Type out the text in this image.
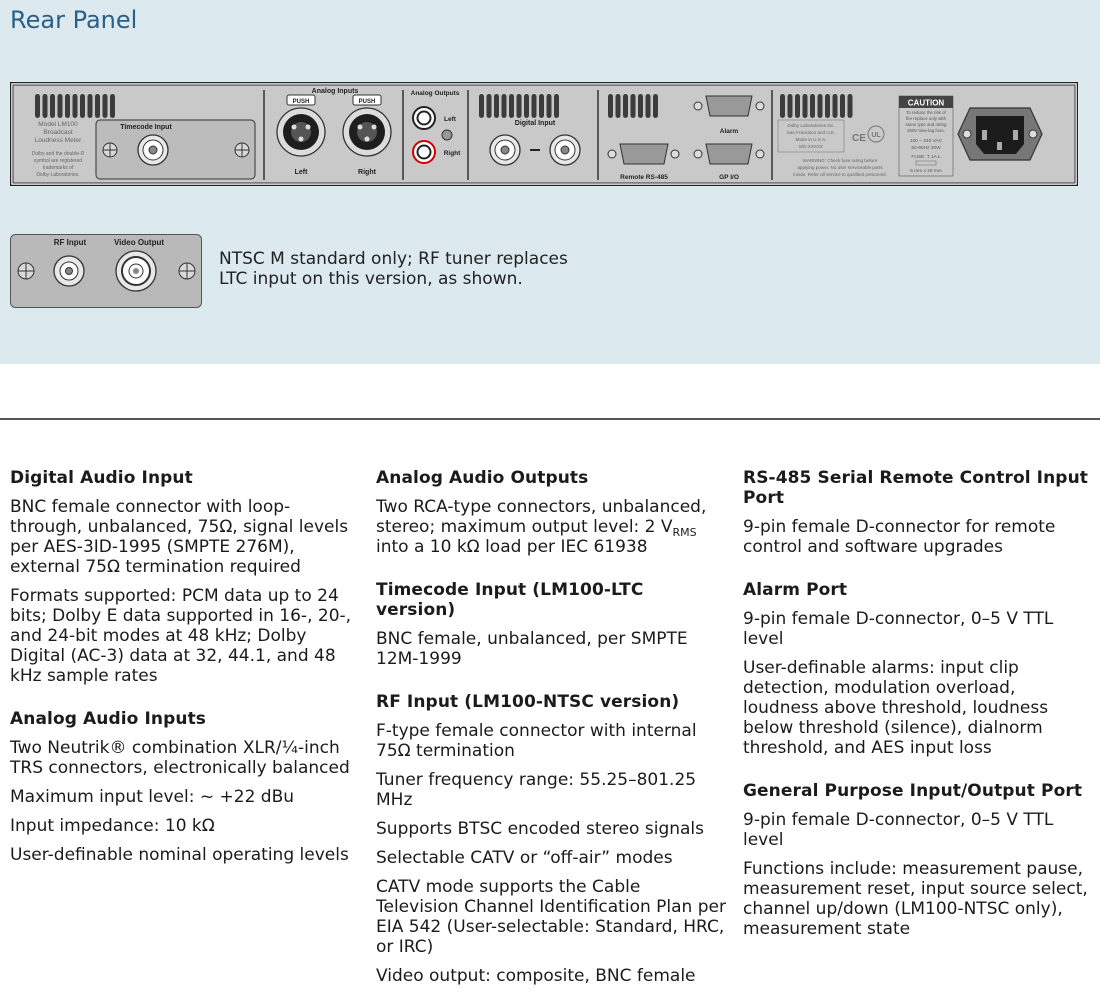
Rear Panel
Model LM100
Broadcast
Loudness Meter
Dolby and the double-D
symbol are registered
trademarks of
Dolby Laboratories.
Timecode Input
Analog Inputs
PUSH	PUSH
Left	Right
Analog Outputs
Left
Right
Digital Input
Remote RS-485
Alarm
GP I/O
Dolby Laboratories Inc.
San Francisco and U.K.
Made in U.S.A.
S/N XXXXX
CE UL
WARNING: Check fuse rating before
applying power. No user serviceable parts
inside. Refer all service to qualified personnel.
CAUTION
To reduce the risk of
fire replace only with
same type and rating
250V time-lag fuse.
100 – 240 VAC
50-60Hz 30W
FUSE: T 1A L
5 mm x 20 mm
RF Input	Video Output
NTSC M standard only; RF tuner replaces
LTC input on this version, as shown.
Digital Audio Input
BNC female connector with loop-through, unbalanced, 75Ω, signal levels per AES-3ID-1995 (SMPTE 276M), external 75Ω termination required
Formats supported: PCM data up to 24 bits; Dolby E data supported in 16-, 20-, and 24-bit modes at 48 kHz; Dolby Digital (AC-3) data at 32, 44.1, and 48 kHz sample rates
Analog Audio Inputs
Two Neutrik® combination XLR/¼-inch TRS connectors, electronically balanced
Maximum input level: ~ +22 dBu
Input impedance: 10 kΩ
User-definable nominal operating levels
Analog Audio Outputs
Two RCA-type connectors, unbalanced, stereo; maximum output level: 2 $V_{RMS}$ into a 10 kΩ load per IEC 61938
Timecode Input (LM100-LTC version)
BNC female, unbalanced, per SMPTE 12M-1999
RF Input (LM100-NTSC version)
F-type female connector with internal 75Ω termination
Tuner frequency range: 55.25–801.25 MHz
Supports BTSC encoded stereo signals
Selectable CATV or “off-air” modes
CATV mode supports the Cable Television Channel Identification Plan per EIA 542 (User-selectable: Standard, HRC, or IRC)
Video output: composite, BNC female
RS-485 Serial Remote Control Input Port
9-pin female D-connector for remote control and software upgrades
Alarm Port
9-pin female D-connector, 0–5 V TTL level
User-definable alarms: input clip detection, modulation overload, loudness above threshold, loudness below threshold (silence), dialnorm threshold, and AES input loss
General Purpose Input/Output Port
9-pin female D-connector, 0–5 V TTL level
Functions include: measurement pause, measurement reset, input source select, channel up/down (LM100-NTSC only), measurement state
